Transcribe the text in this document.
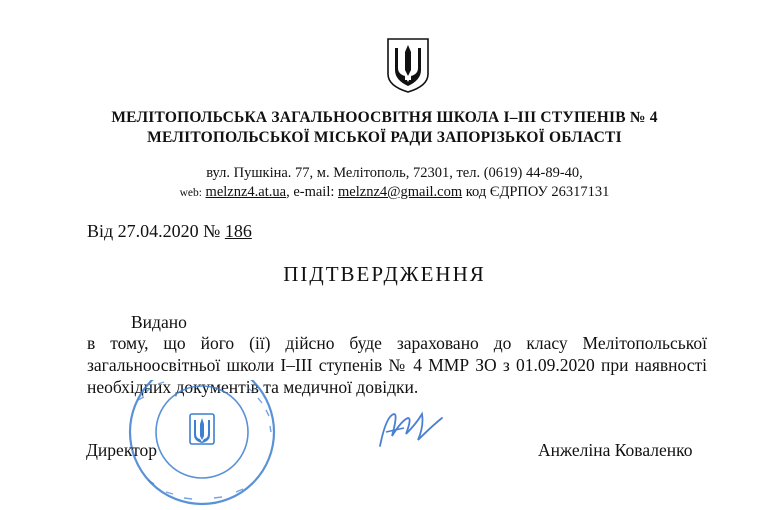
МЕЛІТОПОЛЬСЬКА ЗАГАЛЬНООСВІТНЯ ШКОЛА І–ІІІ СТУПЕНІВ № 4
МЕЛІТОПОЛЬСЬКОЇ МІСЬКОЇ РАДИ ЗАПОРІЗЬКОЇ ОБЛАСТІ
вул. Пушкіна. 77, м. Мелітополь, 72301, тел. (0619) 44-89-40,
web: melznz4.at.ua, e-mail: melznz4@gmail.com код ЄДРПОУ 26317131
Від 27.04.2020 № 186
ПІДТВЕРДЖЕННЯ
Видано
в тому, що його (ії) дійсно буде зараховано до класу Мелітопольської загальноосвітньої школи І–ІІІ ступенів № 4 ММР ЗО з 01.09.2020 при наявності необхідних документів та медичної довідки.
Директор	Анжеліна Коваленко
